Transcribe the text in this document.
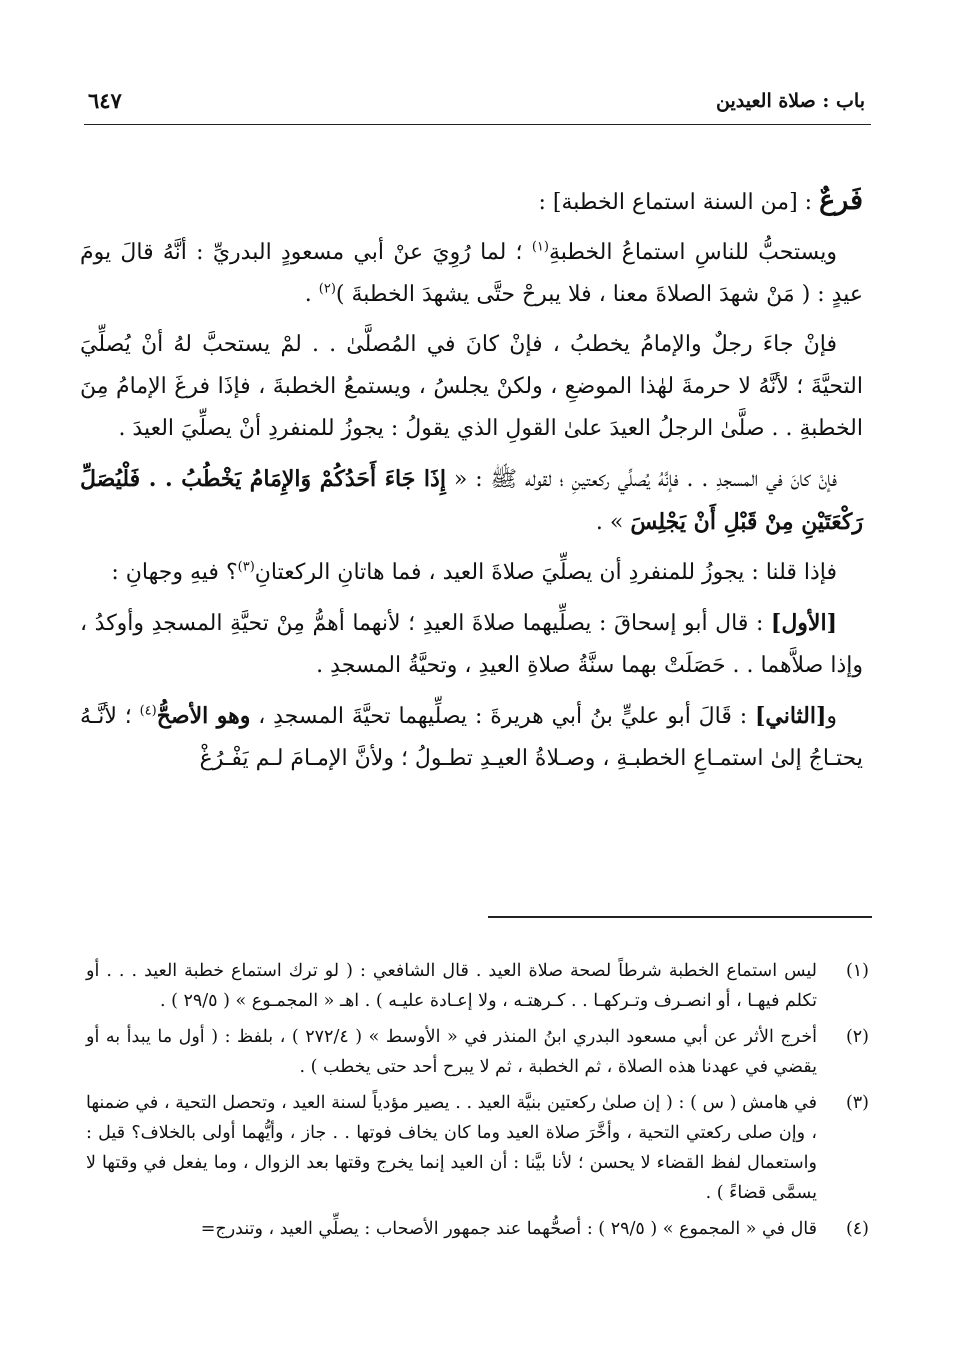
باب : صلاة العيدين
٦٤٧

فَرعٌ : [من السنة استماع الخطبة] :

ويستحبُّ للناسِ استماعُ الخطبةِ$^{(١)}$ ؛ لما رُوِيَ عنْ أبي مسعودٍ البدريِّ : أنَّهُ قالَ يومَ عيدٍ : ( مَنْ شهدَ الصلاةَ معنا ، فلا يبرحْ حتَّى يشهدَ الخطبةَ )$^{(٢)}$ .

فإنْ جاءَ رجلٌ والإمامُ يخطبُ ، فإنْ كانَ في المُصلَّىٰ . . لمْ يستحبَّ لهُ أنْ يُصلِّيَ التحيَّةَ ؛ لأنَّهُ لا حرمةَ لهٰذا الموضعِ ، ولكنْ يجلسُ ، ويستمعُ الخطبةَ ، فإذَا فرغَ الإمامُ مِنَ الخطبةِ . . صلَّىٰ الرجلُ العيدَ علىٰ القولِ الذي يقولُ : يجوزُ للمنفردِ أنْ يصلِّيَ العيدَ .

فإنْ كانَ في المسجدِ . . فإنَّهُ يُصلِّي ركعتينِ ؛ لقوله ﷺ : « إِذَا جَاءَ أَحَدُكُمْ وَالإِمَامُ يَخْطُبُ . . فَلْيُصَلِّ رَكْعَتَيْنِ مِنْ قَبْلِ أَنْ يَجْلِسَ » .

فإذا قلنا : يجوزُ للمنفردِ أن يصلِّيَ صلاةَ العيد ، فما هاتانِ الركعتانِ$^{(٣)}$؟ فيهِ وجهانِ :

[الأول] : قال أبو إسحاقَ : يصلِّيهما صلاةَ العيدِ ؛ لأنهما أهمُّ مِنْ تحيَّةِ المسجدِ وأوكدُ ، وإذا صلاَّهما . . حَصَلَتْ بهما سنَّةُ صلاةِ العيدِ ، وتحيَّةُ المسجدِ .

و[الثاني] : قَالَ أبو عليٍّ بنُ أبي هريرةَ : يصلِّيهما تحيَّةَ المسجدِ ، وهو الأصحُّ$^{(٤)}$ ؛ لأنَّـهُ يحتـاجُ إلىٰ استمـاعِ الخطبـةِ ، وصـلاةُ العيـدِ تطـولُ ؛ ولأنَّ الإمـامَ لـم يَفْـرُغْ

(١)
ليس استماع الخطبة شرطاً لصحة صلاة العيد . قال الشافعي : ( لو ترك استماع خطبة العيد . . . أو تكلم فيهـا ، أو انصـرف وتـركهـا . . كـرهتـه ، ولا إعـادة عليـه ) . اهـ « المجمـوع » ( ٢٩/٥ ) .
(٢)
أخرج الأثر عن أبي مسعود البدري ابنُ المنذر في « الأوسط » ( ٢٧٢/٤ ) ، بلفظ : ( أول ما يبدأ به أو يقضي في عهدنا هذه الصلاة ، ثم الخطبة ، ثم لا يبرح أحد حتى يخطب ) .
(٣)
في هامش ( س ) : ( إن صلىٰ ركعتين بنيَّة العيد . . يصير مؤدياً لسنة العيد ، وتحصل التحية ، في ضمنها ، وإن صلى ركعتي التحية ، وأخَّرَ صلاة العيد وما كان يخاف فوتها . . جاز ، وأيُّهما أولى بالخلاف؟ قيل : واستعمال لفظ القضاء لا يحسن ؛ لأنا بيَّنا : أن العيد إنما يخرج وقتها بعد الزوال ، وما يفعل في وقتها لا يسمَّى قضاءً ) .
(٤)
قال في « المجموع » ( ٢٩/٥ ) : أصحُّهما عند جمهور الأصحاب : يصلِّي العيد ، وتندرج=
